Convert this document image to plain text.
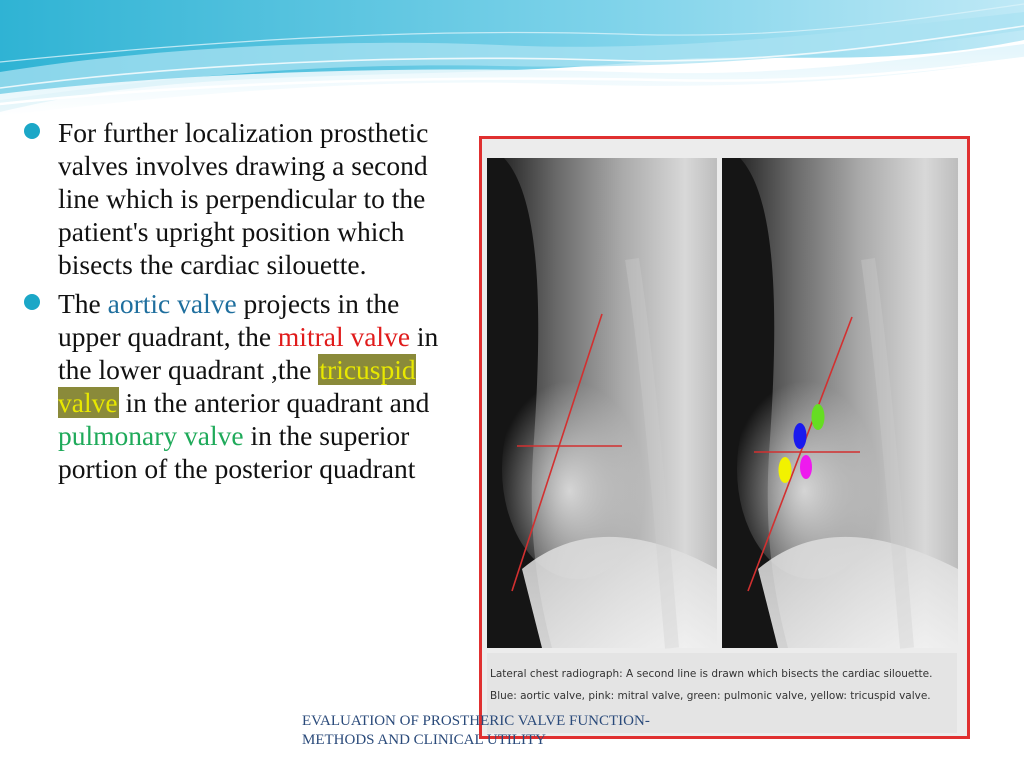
For further localization prosthetic valves involves drawing a second line which is perpendicular to the patient's upright position which bisects the cardiac silouette.
The aortic valve projects in the upper quadrant, the mitral valve in the lower quadrant ,the tricuspid valve in the anterior quadrant and pulmonary valve in the superior portion of the posterior quadrant
Lateral chest radiograph: A second line is drawn which bisects the cardiac silouette. Blue: aortic valve, pink: mitral valve, green: pulmonic valve, yellow: tricuspid valve.
EVALUATION OF PROSTHERIC VALVE FUNCTION-METHODS AND CLINICAL UTILITY
